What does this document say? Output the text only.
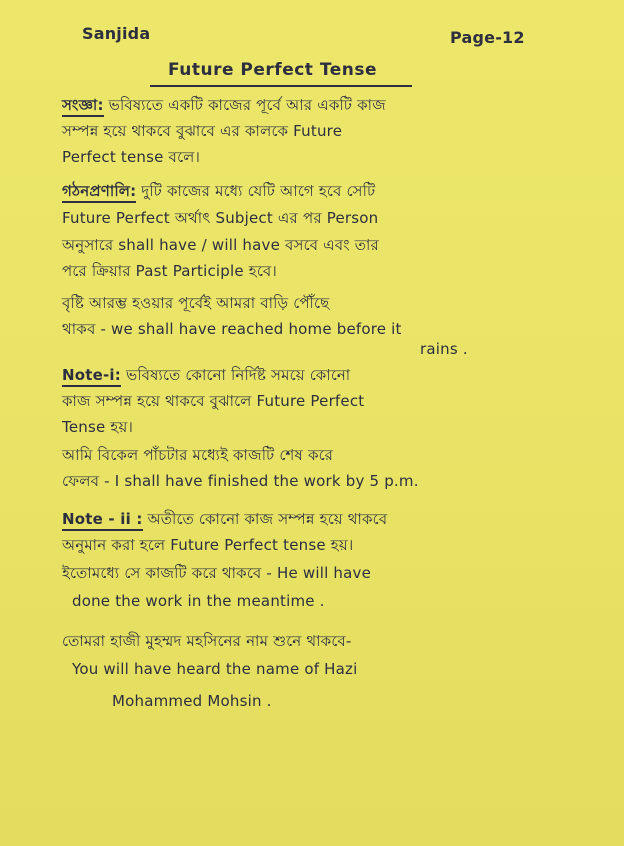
Sanjida	Page-12
Future Perfect Tense
সংজ্ঞা: ভবিষ্যতে একটি কাজের পূর্বে আর একটি কাজ
সম্পন্ন হয়ে থাকবে বুঝাবে এর কালকে Future
Perfect tense বলে।
গঠনপ্রণালি: দুটি কাজের মধ্যে যেটি আগে হবে সেটি
Future Perfect অর্থাৎ Subject এর পর Person
অনুসারে shall have / will have বসবে এবং তার
পরে ক্রিয়ার Past Participle হবে।
বৃষ্টি আরম্ভ হওয়ার পূর্বেই আমরা বাড়ি পৌঁছে
থাকব - we shall have reached home before it
rains .
Note-i: ভবিষ্যতে কোনো নির্দিষ্ট সময়ে কোনো
কাজ সম্পন্ন হয়ে থাকবে বুঝালে Future Perfect
Tense হয়।
আমি বিকেল পাঁচটার মধ্যেই কাজটি শেষ করে
ফেলব - I shall have finished the work by 5 p.m.
Note - ii : অতীতে কোনো কাজ সম্পন্ন হয়ে থাকবে
অনুমান করা হলে Future Perfect tense হয়।
ইতোমধ্যে সে কাজটি করে থাকবে - He will have
done the work in the meantime .
তোমরা হাজী মুহম্মদ মহসিনের নাম শুনে থাকবে-
You will have heard the name of Hazi
Mohammed Mohsin .
